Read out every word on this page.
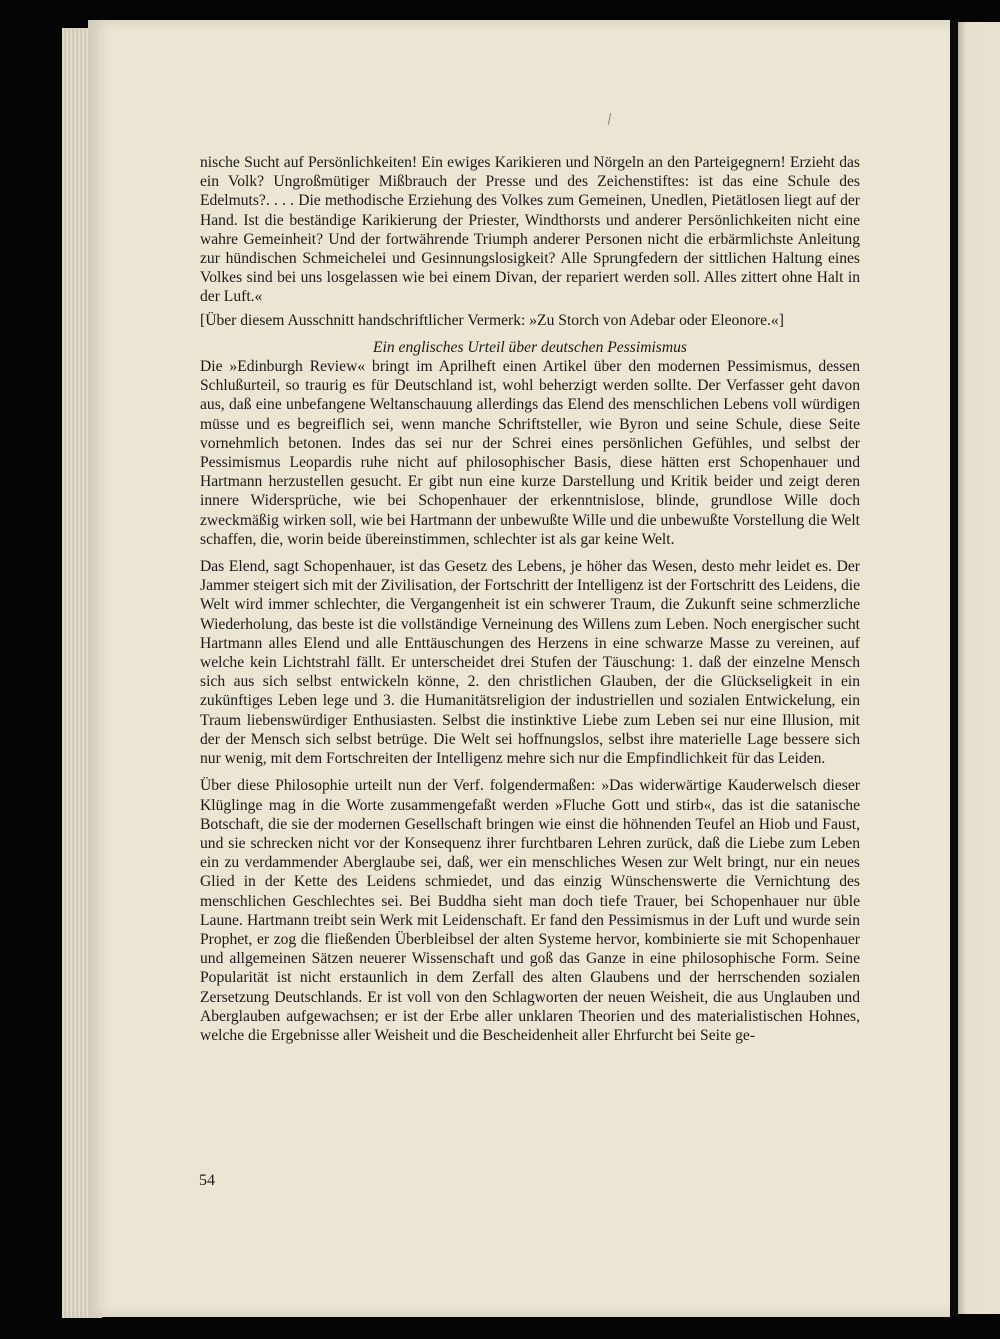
nische Sucht auf Persönlichkeiten! Ein ewiges Karikieren und Nörgeln an den Parteigegnern! Erzieht das ein Volk? Ungroßmütiger Mißbrauch der Presse und des Zeichenstiftes: ist das eine Schule des Edelmuts?. . . . Die methodische Erziehung des Volkes zum Gemeinen, Unedlen, Pietätlosen liegt auf der Hand. Ist die beständige Karikierung der Priester, Windthorsts und anderer Persönlichkeiten nicht eine wahre Gemeinheit? Und der fortwährende Triumph anderer Personen nicht die erbärmlichste Anleitung zur hündischen Schmeichelei und Gesinnungslosigkeit? Alle Sprungfedern der sittlichen Haltung eines Volkes sind bei uns losgelassen wie bei einem Divan, der repariert werden soll. Alles zittert ohne Halt in der Luft.«

[Über diesem Ausschnitt handschriftlicher Vermerk: »Zu Storch von Adebar oder Eleonore.«]

Ein englisches Urteil über deutschen Pessimismus

Die »Edinburgh Review« bringt im Aprilheft einen Artikel über den modernen Pessimismus, dessen Schlußurteil, so traurig es für Deutschland ist, wohl beherzigt werden sollte. Der Verfasser geht davon aus, daß eine unbefangene Weltanschauung allerdings das Elend des menschlichen Lebens voll würdigen müsse und es begreiflich sei, wenn manche Schriftsteller, wie Byron und seine Schule, diese Seite vornehmlich betonen. Indes das sei nur der Schrei eines persönlichen Gefühles, und selbst der Pessimismus Leopardis ruhe nicht auf philosophischer Basis, diese hätten erst Schopenhauer und Hartmann herzustellen gesucht. Er gibt nun eine kurze Darstellung und Kritik beider und zeigt deren innere Widersprüche, wie bei Schopenhauer der erkenntnislose, blinde, grundlose Wille doch zweckmäßig wirken soll, wie bei Hartmann der unbewußte Wille und die unbewußte Vorstellung die Welt schaffen, die, worin beide übereinstimmen, schlechter ist als gar keine Welt.

Das Elend, sagt Schopenhauer, ist das Gesetz des Lebens, je höher das Wesen, desto mehr leidet es. Der Jammer steigert sich mit der Zivilisation, der Fortschritt der Intelligenz ist der Fortschritt des Leidens, die Welt wird immer schlechter, die Vergangenheit ist ein schwerer Traum, die Zukunft seine schmerzliche Wiederholung, das beste ist die vollständige Verneinung des Willens zum Leben. Noch energischer sucht Hartmann alles Elend und alle Enttäuschungen des Herzens in eine schwarze Masse zu vereinen, auf welche kein Lichtstrahl fällt. Er unterscheidet drei Stufen der Täuschung: 1. daß der einzelne Mensch sich aus sich selbst entwickeln könne, 2. den christlichen Glauben, der die Glückseligkeit in ein zukünftiges Leben lege und 3. die Humanitätsreligion der industriellen und sozialen Entwickelung, ein Traum liebenswürdiger Enthusiasten. Selbst die instinktive Liebe zum Leben sei nur eine Illusion, mit der der Mensch sich selbst betrüge. Die Welt sei hoffnungslos, selbst ihre materielle Lage bessere sich nur wenig, mit dem Fortschreiten der Intelligenz mehre sich nur die Empfindlichkeit für das Leiden.

Über diese Philosophie urteilt nun der Verf. folgendermaßen: »Das widerwärtige Kauderwelsch dieser Klüglinge mag in die Worte zusammengefaßt werden »Fluche Gott und stirb«, das ist die satanische Botschaft, die sie der modernen Gesellschaft bringen wie einst die höhnenden Teufel an Hiob und Faust, und sie schrecken nicht vor der Konsequenz ihrer furchtbaren Lehren zurück, daß die Liebe zum Leben ein zu verdammender Aberglaube sei, daß, wer ein menschliches Wesen zur Welt bringt, nur ein neues Glied in der Kette des Leidens schmiedet, und das einzig Wünschenswerte die Vernichtung des menschlichen Geschlechtes sei. Bei Buddha sieht man doch tiefe Trauer, bei Schopenhauer nur üble Laune. Hartmann treibt sein Werk mit Leidenschaft. Er fand den Pessimismus in der Luft und wurde sein Prophet, er zog die fließenden Überbleibsel der alten Systeme hervor, kombinierte sie mit Schopenhauer und allgemeinen Sätzen neuerer Wissenschaft und goß das Ganze in eine philosophische Form. Seine Popularität ist nicht erstaunlich in dem Zerfall des alten Glaubens und der herrschenden sozialen Zersetzung Deutschlands. Er ist voll von den Schlagworten der neuen Weisheit, die aus Unglauben und Aberglauben aufgewachsen; er ist der Erbe aller unklaren Theorien und des materialistischen Hohnes, welche die Ergebnisse aller Weisheit und die Bescheidenheit aller Ehrfurcht bei Seite ge-

54
